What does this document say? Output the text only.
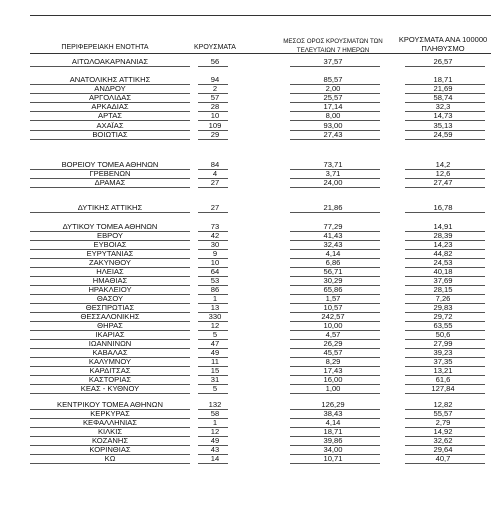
ΠΕΡΙΦΕΡΕΙΑΚΗ ΕΝΟΤΗΤΑ	ΚΡΟΥΣΜΑΤΑ
ΜΕΣΟΣ ΟΡΟΣ ΚΡΟΥΣΜΑΤΩΝ ΤΩΝ
ΤΕΛΕΥΤΑΙΩΝ 7 ΗΜΕΡΩΝ
ΚΡΟΥΣΜΑΤΑ ΑΝΑ 100000
ΠΛΗΘΥΣΜΟ
ΑΙΤΩΛΟΑΚΑΡΝΑΝΙΑΣ	56	37,57	26,57
ΑΝΑΤΟΛΙΚΗΣ ΑΤΤΙΚΗΣ	94	85,57	18,71
ΑΝΔΡΟΥ	2	2,00	21,69
ΑΡΓΟΛΙΔΑΣ	57	25,57	58,74
ΑΡΚΑΔΙΑΣ	28	17,14	32,3
ΑΡΤΑΣ	10	8,00	14,73
ΑΧΑΪΑΣ	109	93,00	35,13
ΒΟΙΩΤΙΑΣ	29	27,43	24,59
ΒΟΡΕΙΟΥ ΤΟΜΕΑ ΑΘΗΝΩΝ	84	73,71	14,2
ΓΡΕΒΕΝΩΝ	4	3,71	12,6
ΔΡΑΜΑΣ	27	24,00	27,47
ΔΥΤΙΚΗΣ ΑΤΤΙΚΗΣ	27	21,86	16,78
ΔΥΤΙΚΟΥ ΤΟΜΕΑ ΑΘΗΝΩΝ	73	77,29	14,91
ΕΒΡΟΥ	42	41,43	28,39
ΕΥΒΟΙΑΣ	30	32,43	14,23
ΕΥΡΥΤΑΝΙΑΣ	9	4,14	44,82
ΖΑΚΥΝΘΟΥ	10	6,86	24,53
ΗΛΕΙΑΣ	64	56,71	40,18
ΗΜΑΘΙΑΣ	53	30,29	37,69
ΗΡΑΚΛΕΙΟΥ	86	65,86	28,15
ΘΑΣΟΥ	1	1,57	7,26
ΘΕΣΠΡΩΤΙΑΣ	13	10,57	29,83
ΘΕΣΣΑΛΟΝΙΚΗΣ	330	242,57	29,72
ΘΗΡΑΣ	12	10,00	63,55
ΙΚΑΡΙΑΣ	5	4,57	50,6
ΙΩΑΝΝΙΝΩΝ	47	26,29	27,99
ΚΑΒΑΛΑΣ	49	45,57	39,23
ΚΑΛΥΜΝΟΥ	11	8,29	37,35
ΚΑΡΔΙΤΣΑΣ	15	17,43	13,21
ΚΑΣΤΟΡΙΑΣ	31	16,00	61,6
ΚΕΑΣ - ΚΥΘΝΟΥ	5	1,00	127,84
ΚΕΝΤΡΙΚΟΥ ΤΟΜΕΑ ΑΘΗΝΩΝ	132	126,29	12,82
ΚΕΡΚΥΡΑΣ	58	38,43	55,57
ΚΕΦΑΛΛΗΝΙΑΣ	1	4,14	2,79
ΚΙΛΚΙΣ	12	18,71	14,92
ΚΟΖΑΝΗΣ	49	39,86	32,62
ΚΟΡΙΝΘΙΑΣ	43	34,00	29,64
ΚΩ	14	10,71	40,7
